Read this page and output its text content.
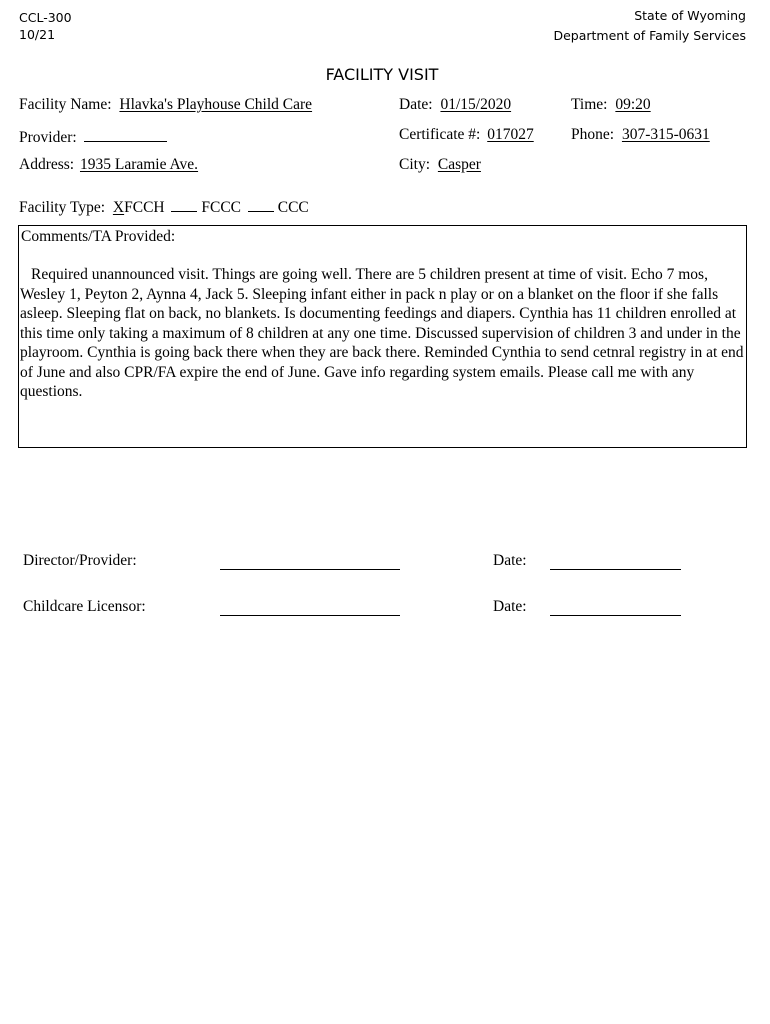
CCL-300
10/21
State of Wyoming
Department of Family Services
FACILITY VISIT
Facility Name: Hlavka's Playhouse Child Care	Date: 01/15/2020	Time: 09:20
Provider:	Certificate #: 017027 Phone: 307-315-0631
Address: 1935 Laramie Ave.	City: Casper
Facility Type: XFCCH FCCC CCC
Comments/TA Provided:
Required unannounced visit. Things are going well. There are 5 children present at time of visit. Echo 7 mos, Wesley 1, Peyton 2, Aynna 4, Jack 5. Sleeping infant either in pack n play or on a blanket on the floor if she falls asleep. Sleeping flat on back, no blankets. Is documenting feedings and diapers. Cynthia has 11 children enrolled at this time only taking a maximum of 8 children at any one time. Discussed supervision of children 3 and under in the playroom. Cynthia is going back there when they are back there. Reminded Cynthia to send cetnral registry in at end of June and also CPR/FA expire the end of June. Gave info regarding system emails. Please call me with any questions.
Director/Provider:	Date:
Childcare Licensor:	Date:
